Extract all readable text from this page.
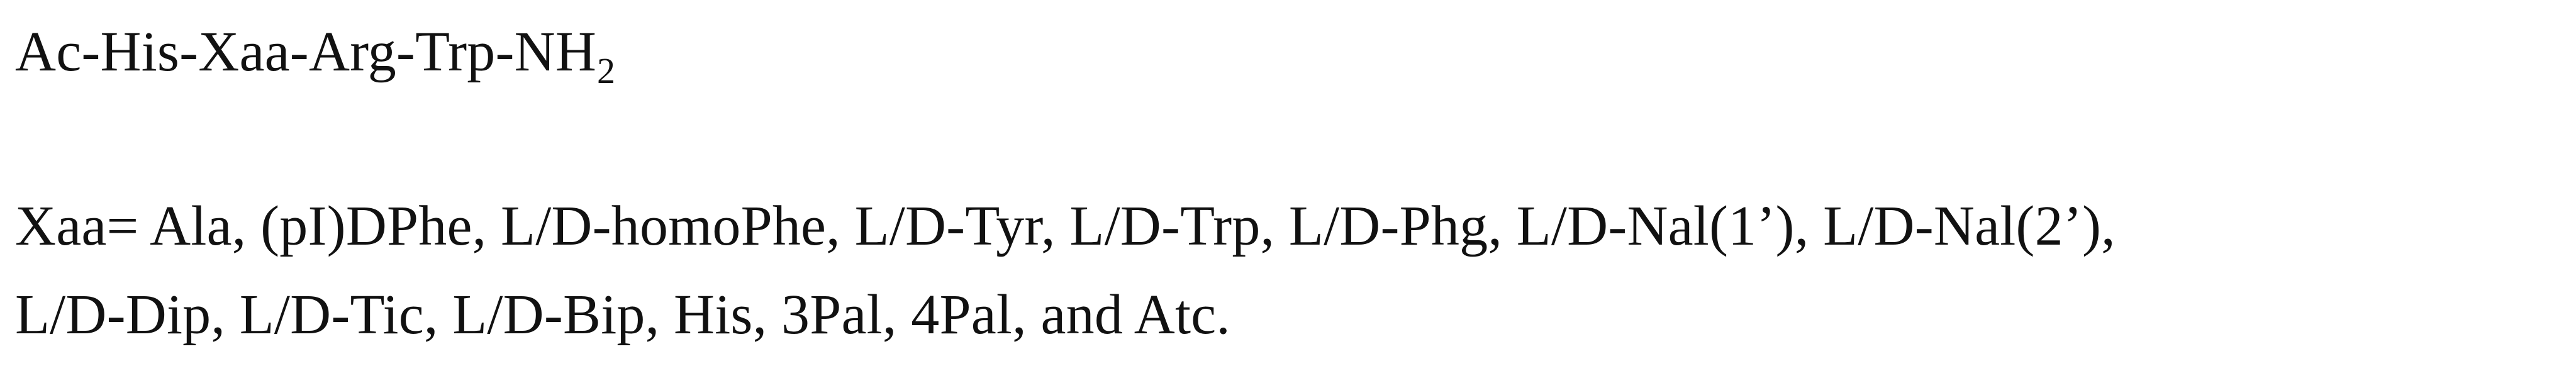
$Ac-His-Xaa-Arg-Trp-NH_2$
Xaa= Ala, (pI)DPhe, L/D-homoPhe, L/D-Tyr, L/D-Trp, L/D-Phg, L/D-Nal(1’), L/D-Nal(2’),
L/D-Dip, L/D-Tic, L/D-Bip, His, 3Pal, 4Pal, and Atc.
